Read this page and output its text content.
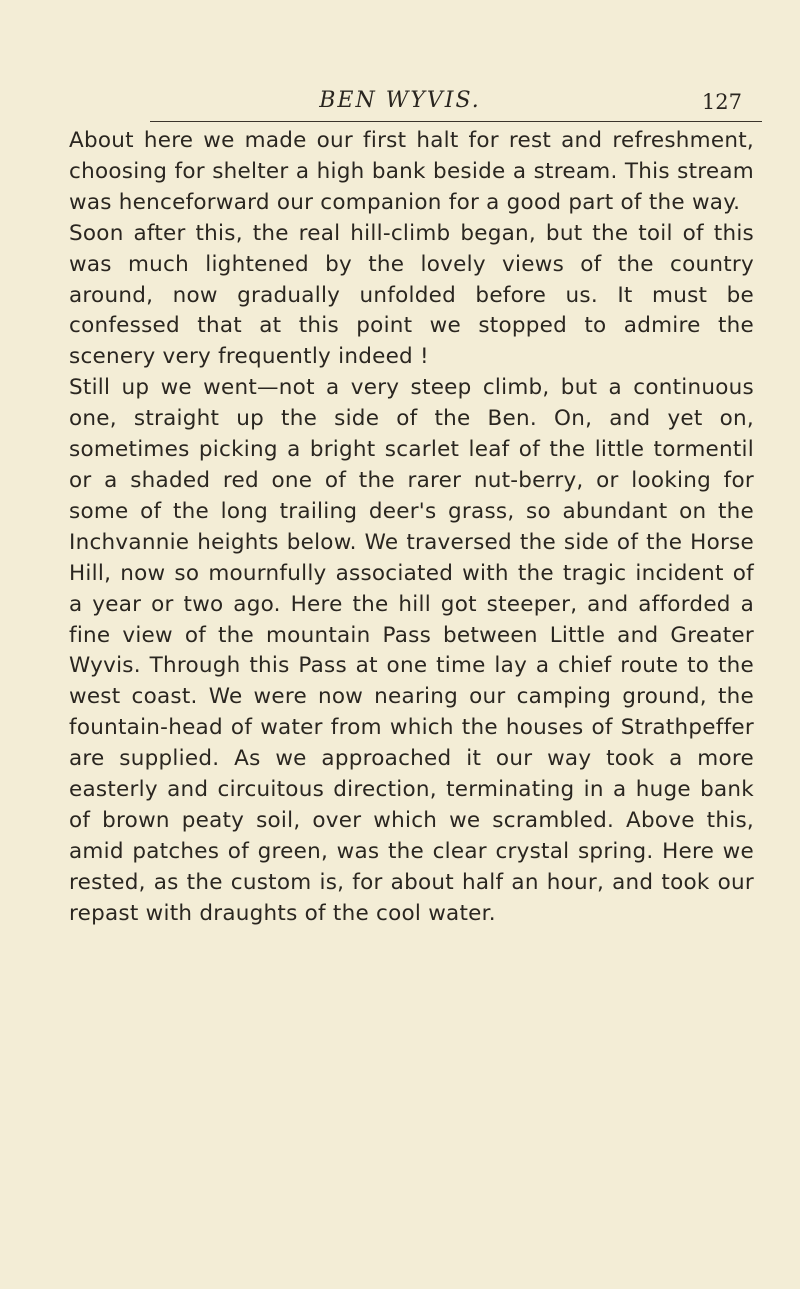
BEN WYVIS.	127

About here we made our first halt for rest and refreshment, choosing for shelter a high bank beside a stream. This stream was henceforward our companion for a good part of the way.

Soon after this, the real hill-climb began, but the toil of this was much lightened by the lovely views of the country around, now gradually unfolded before us. It must be confessed that at this point we stopped to admire the scenery very frequently indeed !

Still up we went—not a very steep climb, but a continuous one, straight up the side of the Ben. On, and yet on, sometimes picking a bright scarlet leaf of the little tormentil or a shaded red one of the rarer nut-berry, or looking for some of the long trailing deer's grass, so abundant on the Inchvannie heights below. We traversed the side of the Horse Hill, now so mournfully associated with the tragic incident of a year or two ago. Here the hill got steeper, and afforded a fine view of the mountain Pass between Little and Greater Wyvis. Through this Pass at one time lay a chief route to the west coast. We were now nearing our camping ground, the fountain-head of water from which the houses of Strathpeffer are supplied. As we approached it our way took a more easterly and circuitous direction, terminating in a huge bank of brown peaty soil, over which we scrambled. Above this, amid patches of green, was the clear crystal spring. Here we rested, as the custom is, for about half an hour, and took our repast with draughts of the cool water.
